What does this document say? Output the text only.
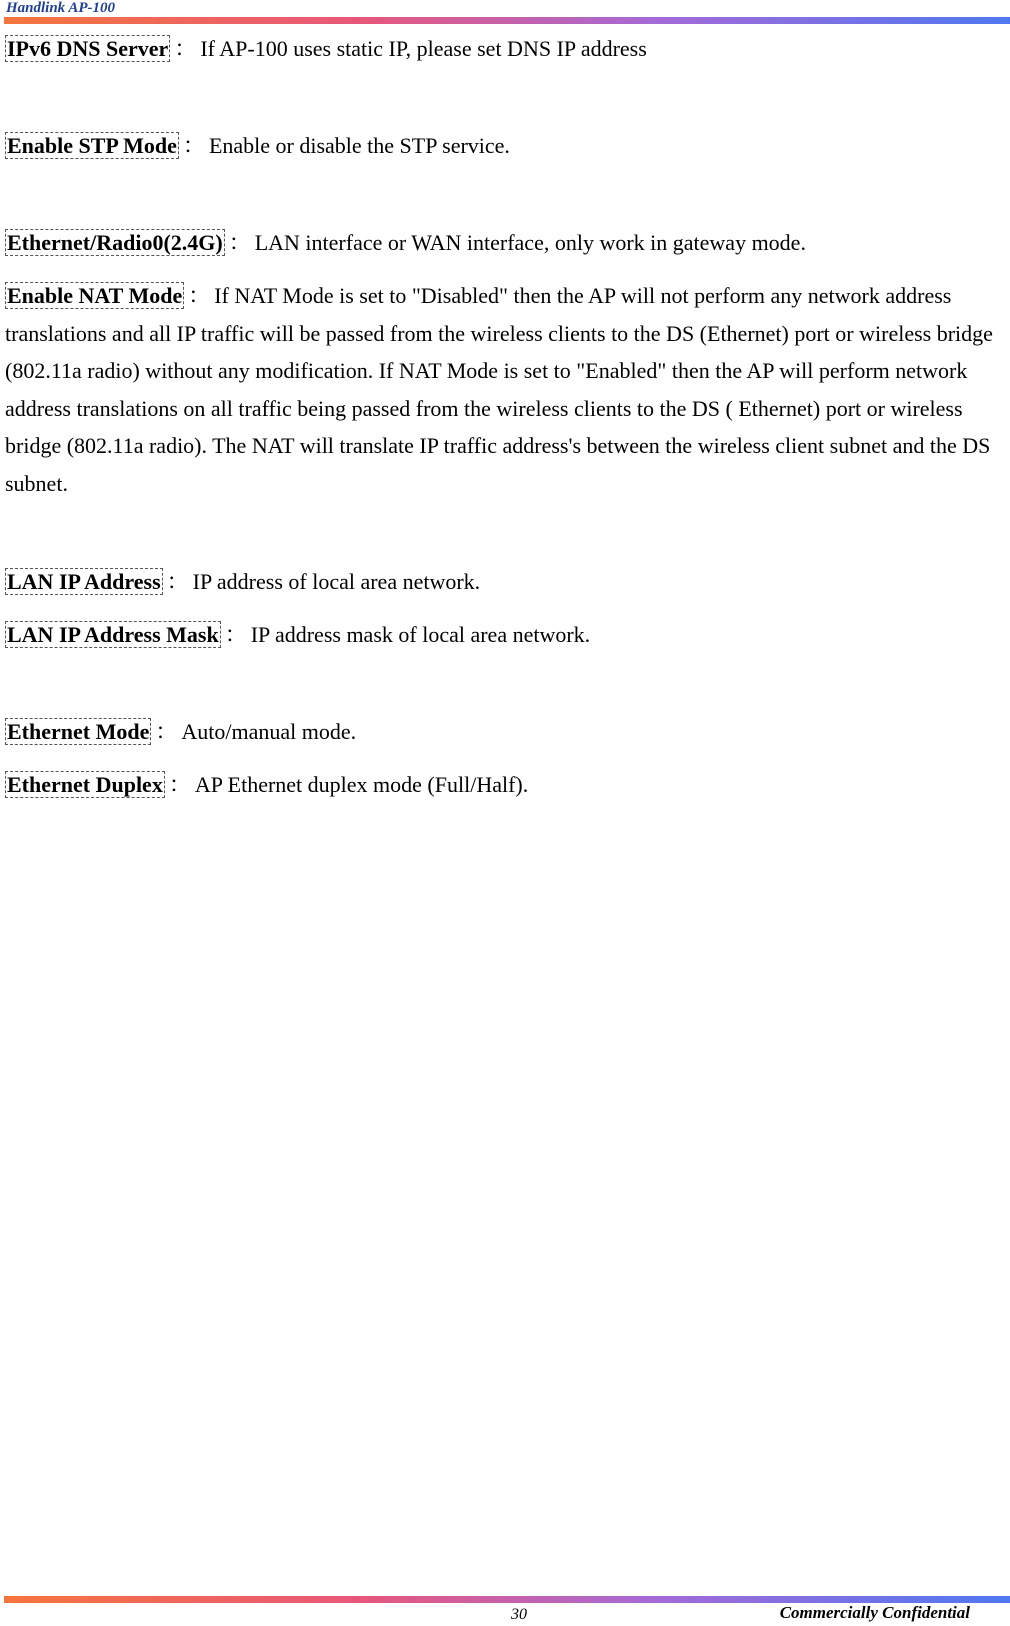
Handlink AP-100

IPv6 DNS Server ： If AP-100 uses static IP, please set DNS IP address

Enable STP Mode ： Enable or disable the STP service.

Ethernet/Radio0(2.4G) ： LAN interface or WAN interface, only work in gateway mode.

Enable NAT Mode ： If NAT Mode is set to "Disabled" then the AP will not perform any network address translations and all IP traffic will be passed from the wireless clients to the DS (Ethernet) port or wireless bridge (802.11a radio) without any modification. If NAT Mode is set to "Enabled" then the AP will perform network address translations on all traffic being passed from the wireless clients to the DS ( Ethernet) port or wireless bridge (802.11a radio). The NAT will translate IP traffic address's between the wireless client subnet and the DS subnet.

LAN IP Address ： IP address of local area network.

LAN IP Address Mask ： IP address mask of local area network.

Ethernet Mode ： Auto/manual mode.

Ethernet Duplex ： AP Ethernet duplex mode (Full/Half).

30	Commercially Confidential
